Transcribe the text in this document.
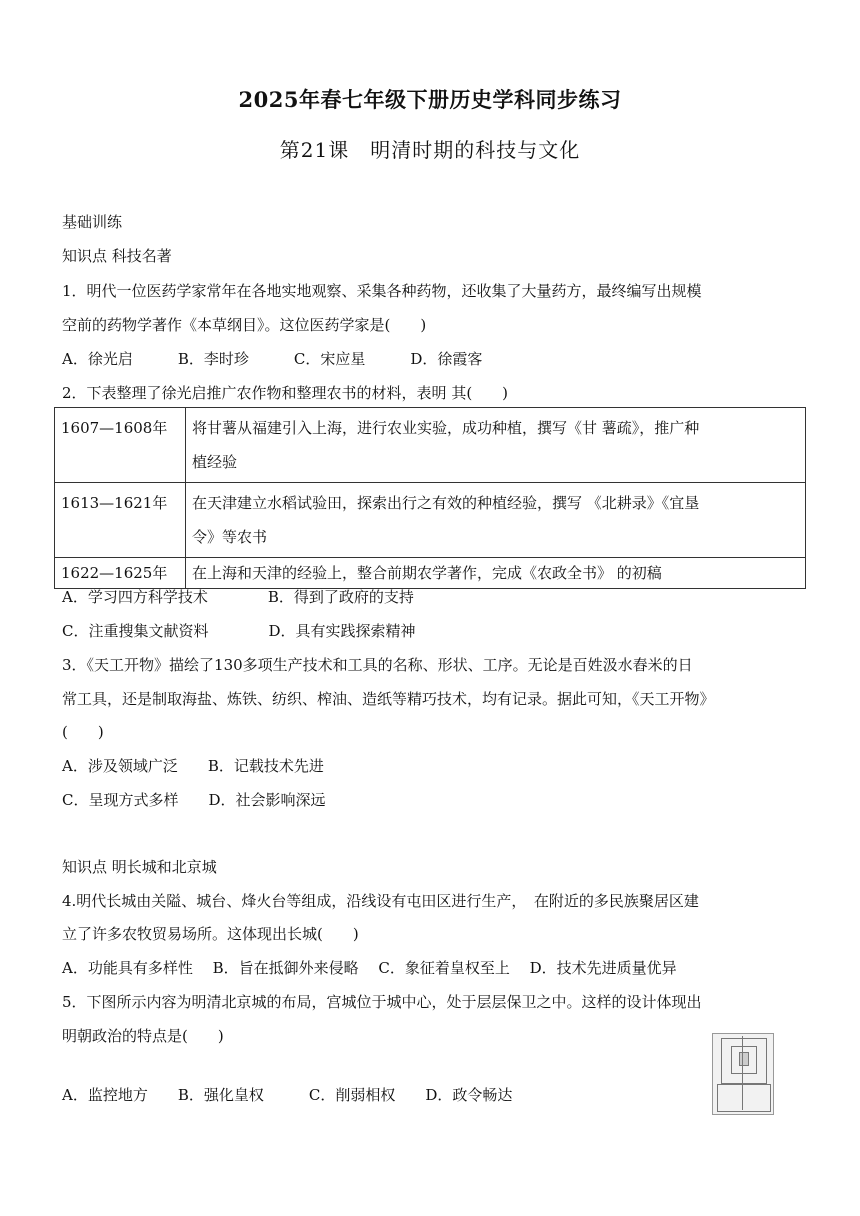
2025年春七年级下册历史学科同步练习
第21课　明清时期的科技与文化
基础训练
知识点 科技名著
1．明代一位医药学家常年在各地实地观察、采集各种药物，还收集了大量药方，最终编写出规模
空前的药物学著作《本草纲目》。这位医药学家是(　　)
A．徐光启　　　B．李时珍　　　C．宋应星　　　D．徐霞客
2．下表整理了徐光启推广农作物和整理农书的材料，表明 其(　　)
1607—1608年	将甘薯从福建引入上海，进行农业实验，成功种植，撰写《甘 薯疏》，推广种
植经验
1613—1621年	在天津建立水稻试验田，探索出行之有效的种植经验，撰写 《北耕录》《宜垦
令》等农书
1622—1625年	在上海和天津的经验上，整合前期农学著作，完成《农政全书》 的初稿
A．学习四方科学技术　　　　B．得到了政府的支持
C．注重搜集文献资料　　　　D．具有实践探索精神
3．《天工开物》描绘了130多项生产技术和工具的名称、形状、工序。无论是百姓汲水舂米的日
常工具，还是制取海盐、炼铁、纺织、榨油、造纸等精巧技术，均有记录。据此可知，《天工开物》
(　　)
A．涉及领域广泛　　B．记载技术先进
C．呈现方式多样　　D．社会影响深远
知识点 明长城和北京城
4.明代长城由关隘、城台、烽火台等组成，沿线设有屯田区进行生产，　在附近的多民族聚居区建
立了许多农牧贸易场所。这体现出长城(　　)
A．功能具有多样性　 B．旨在抵御外来侵略　 C．象征着皇权至上　 D．技术先进质量优异
5．下图所示内容为明清北京城的布局，宫城位于城中心，处于层层保卫之中。这样的设计体现出
明朝政治的特点是(　　)
A．监控地方　　B．强化皇权　　　C．削弱相权　　D．政令畅达
